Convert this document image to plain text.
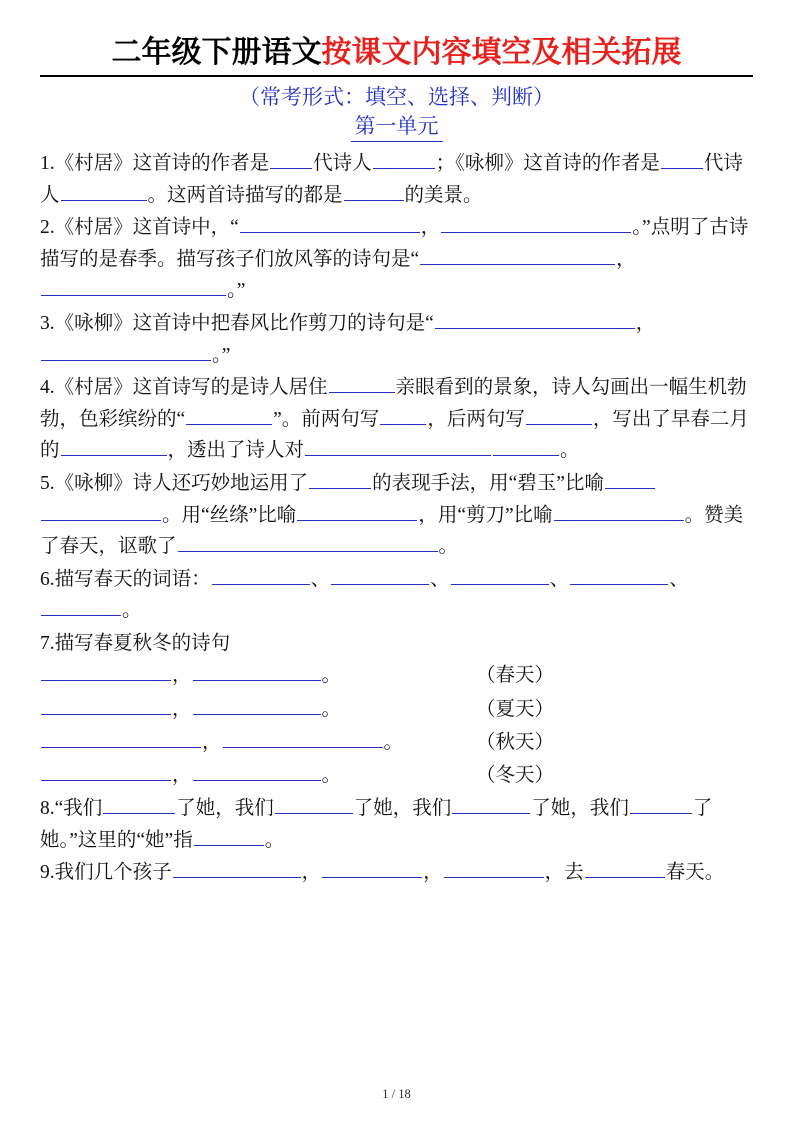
二年级下册语文按课文内容填空及相关拓展
（常考形式：填空、选择、判断）
第一单元
1.《村居》这首诗的作者是 代诗人	；《咏柳》这首诗的作者是 代诗人	。这两首诗描写的都是	的美景。
2.《村居》这首诗中，“	，	。”点明了古诗描写的是春季。描写孩子们放风筝的诗句是“	，。”
3.《咏柳》这首诗中把春风比作剪刀的诗句是“	，。”
4.《村居》这首诗写的是诗人居住	亲眼看到的景象，诗人勾画出一幅生机勃勃，色彩缤纷的“	”。前两句写 ，后两句写	，写出了早春二月的	，透出了诗人对	。
5.《咏柳》诗人还巧妙地运用了	的表现手法，用“碧玉”比喻。用“丝绦”比喻	，用“剪刀”比喻	。赞美了春天，讴歌了	。
6.描写春天的词语：	、	、	、	、。
7.描写春夏秋冬的诗句
，	。	（春天）
，	。	（夏天）
，	。	（秋天）
，	。	（冬天）
8.“我们	了她，我们	了她，我们	了她，我们	了她。”这里的“她”指	。
9.我们几个孩子	，	，	，去	春天。
1 / 18
